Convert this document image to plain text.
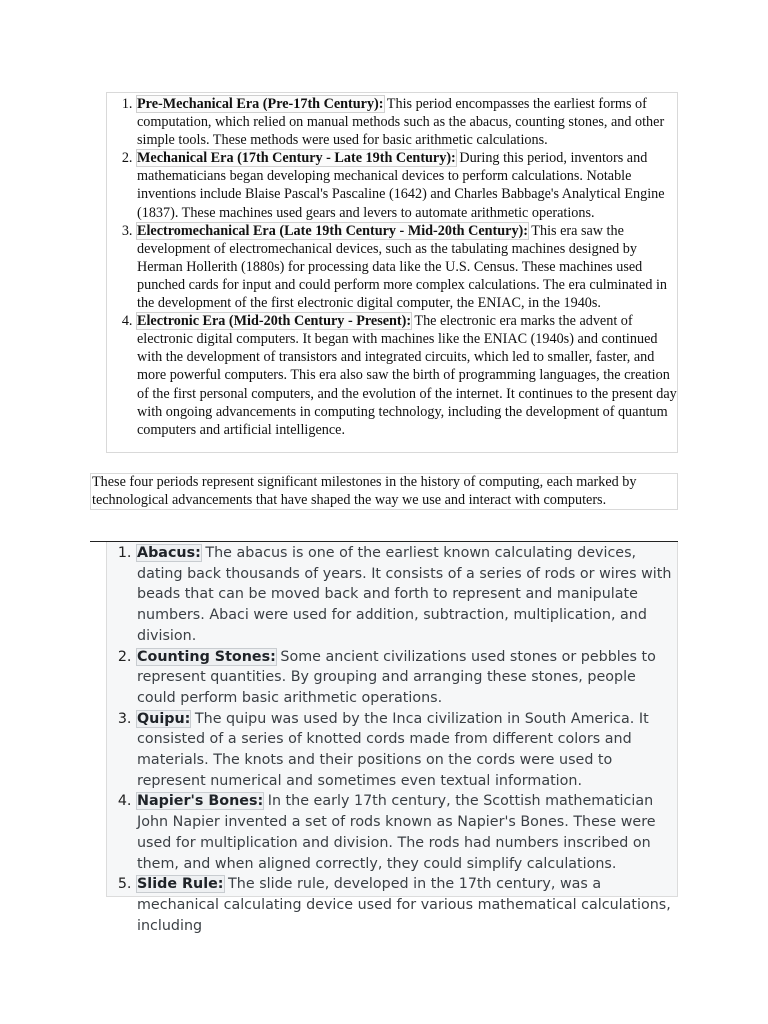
1. Pre-Mechanical Era (Pre-17th Century): This period encompasses the earliest forms of computation, which relied on manual methods such as the abacus, counting stones, and other simple tools. These methods were used for basic arithmetic calculations.
2. Mechanical Era (17th Century - Late 19th Century): During this period, inventors and mathematicians began developing mechanical devices to perform calculations. Notable inventions include Blaise Pascal's Pascaline (1642) and Charles Babbage's Analytical Engine (1837). These machines used gears and levers to automate arithmetic operations.
3. Electromechanical Era (Late 19th Century - Mid-20th Century): This era saw the development of electromechanical devices, such as the tabulating machines designed by Herman Hollerith (1880s) for processing data like the U.S. Census. These machines used punched cards for input and could perform more complex calculations. The era culminated in the development of the first electronic digital computer, the ENIAC, in the 1940s.
4. Electronic Era (Mid-20th Century - Present): The electronic era marks the advent of electronic digital computers. It began with machines like the ENIAC (1940s) and continued with the development of transistors and integrated circuits, which led to smaller, faster, and more powerful computers. This era also saw the birth of programming languages, the creation of the first personal computers, and the evolution of the internet. It continues to the present day with ongoing advancements in computing technology, including the development of quantum computers and artificial intelligence.
These four periods represent significant milestones in the history of computing, each marked by technological advancements that have shaped the way we use and interact with computers.
1. Abacus: The abacus is one of the earliest known calculating devices, dating back thousands of years. It consists of a series of rods or wires with beads that can be moved back and forth to represent and manipulate numbers. Abaci were used for addition, subtraction, multiplication, and division.
2. Counting Stones: Some ancient civilizations used stones or pebbles to represent quantities. By grouping and arranging these stones, people could perform basic arithmetic operations.
3. Quipu: The quipu was used by the Inca civilization in South America. It consisted of a series of knotted cords made from different colors and materials. The knots and their positions on the cords were used to represent numerical and sometimes even textual information.
4. Napier's Bones: In the early 17th century, the Scottish mathematician John Napier invented a set of rods known as Napier's Bones. These were used for multiplication and division. The rods had numbers inscribed on them, and when aligned correctly, they could simplify calculations.
5. Slide Rule: The slide rule, developed in the 17th century, was a mechanical calculating device used for various mathematical calculations, including
